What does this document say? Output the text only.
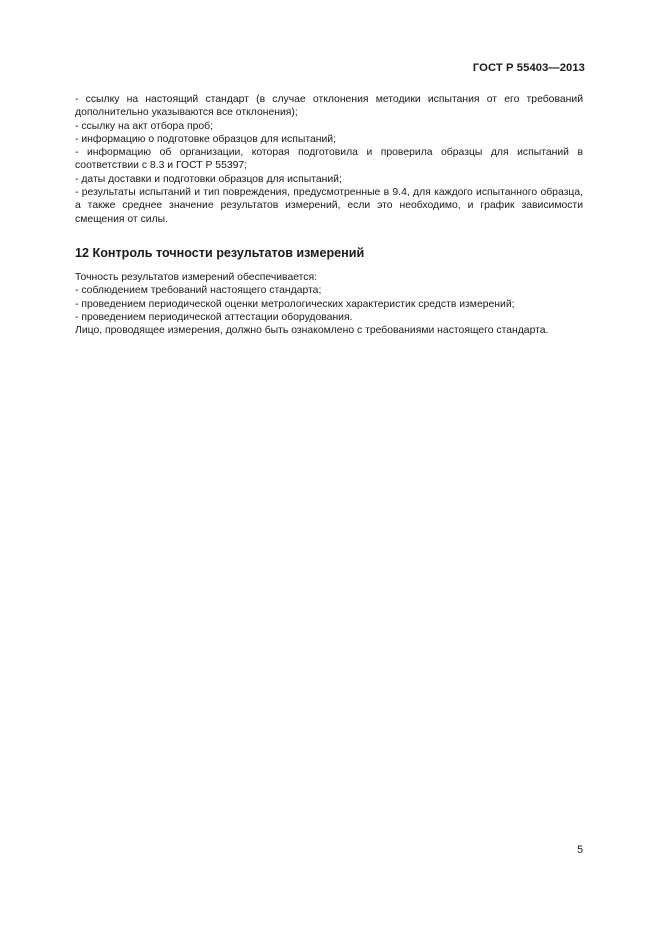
ГОСТ Р 55403—2013

- ссылку на настоящий стандарт (в случае отклонения методики испытания от его требований дополнительно указываются все отклонения);

- ссылку на акт отбора проб;

- информацию о подготовке образцов для испытаний;

- информацию об организации, которая подготовила и проверила образцы для испытаний в соответствии с 8.3 и ГОСТ Р 55397;

- даты доставки и подготовки образцов для испытаний;

- результаты испытаний и тип повреждения, предусмотренные в 9.4, для каждого испытанного образца, а также среднее значение результатов измерений, если это необходимо, и график зависимости смещения от силы.

12 Контроль точности результатов измерений

Точность результатов измерений обеспечивается:

- соблюдением требований настоящего стандарта;

- проведением периодической оценки метрологических характеристик средств измерений;

- проведением периодической аттестации оборудования.

Лицо, проводящее измерения, должно быть ознакомлено с требованиями настоящего стандарта.

5
